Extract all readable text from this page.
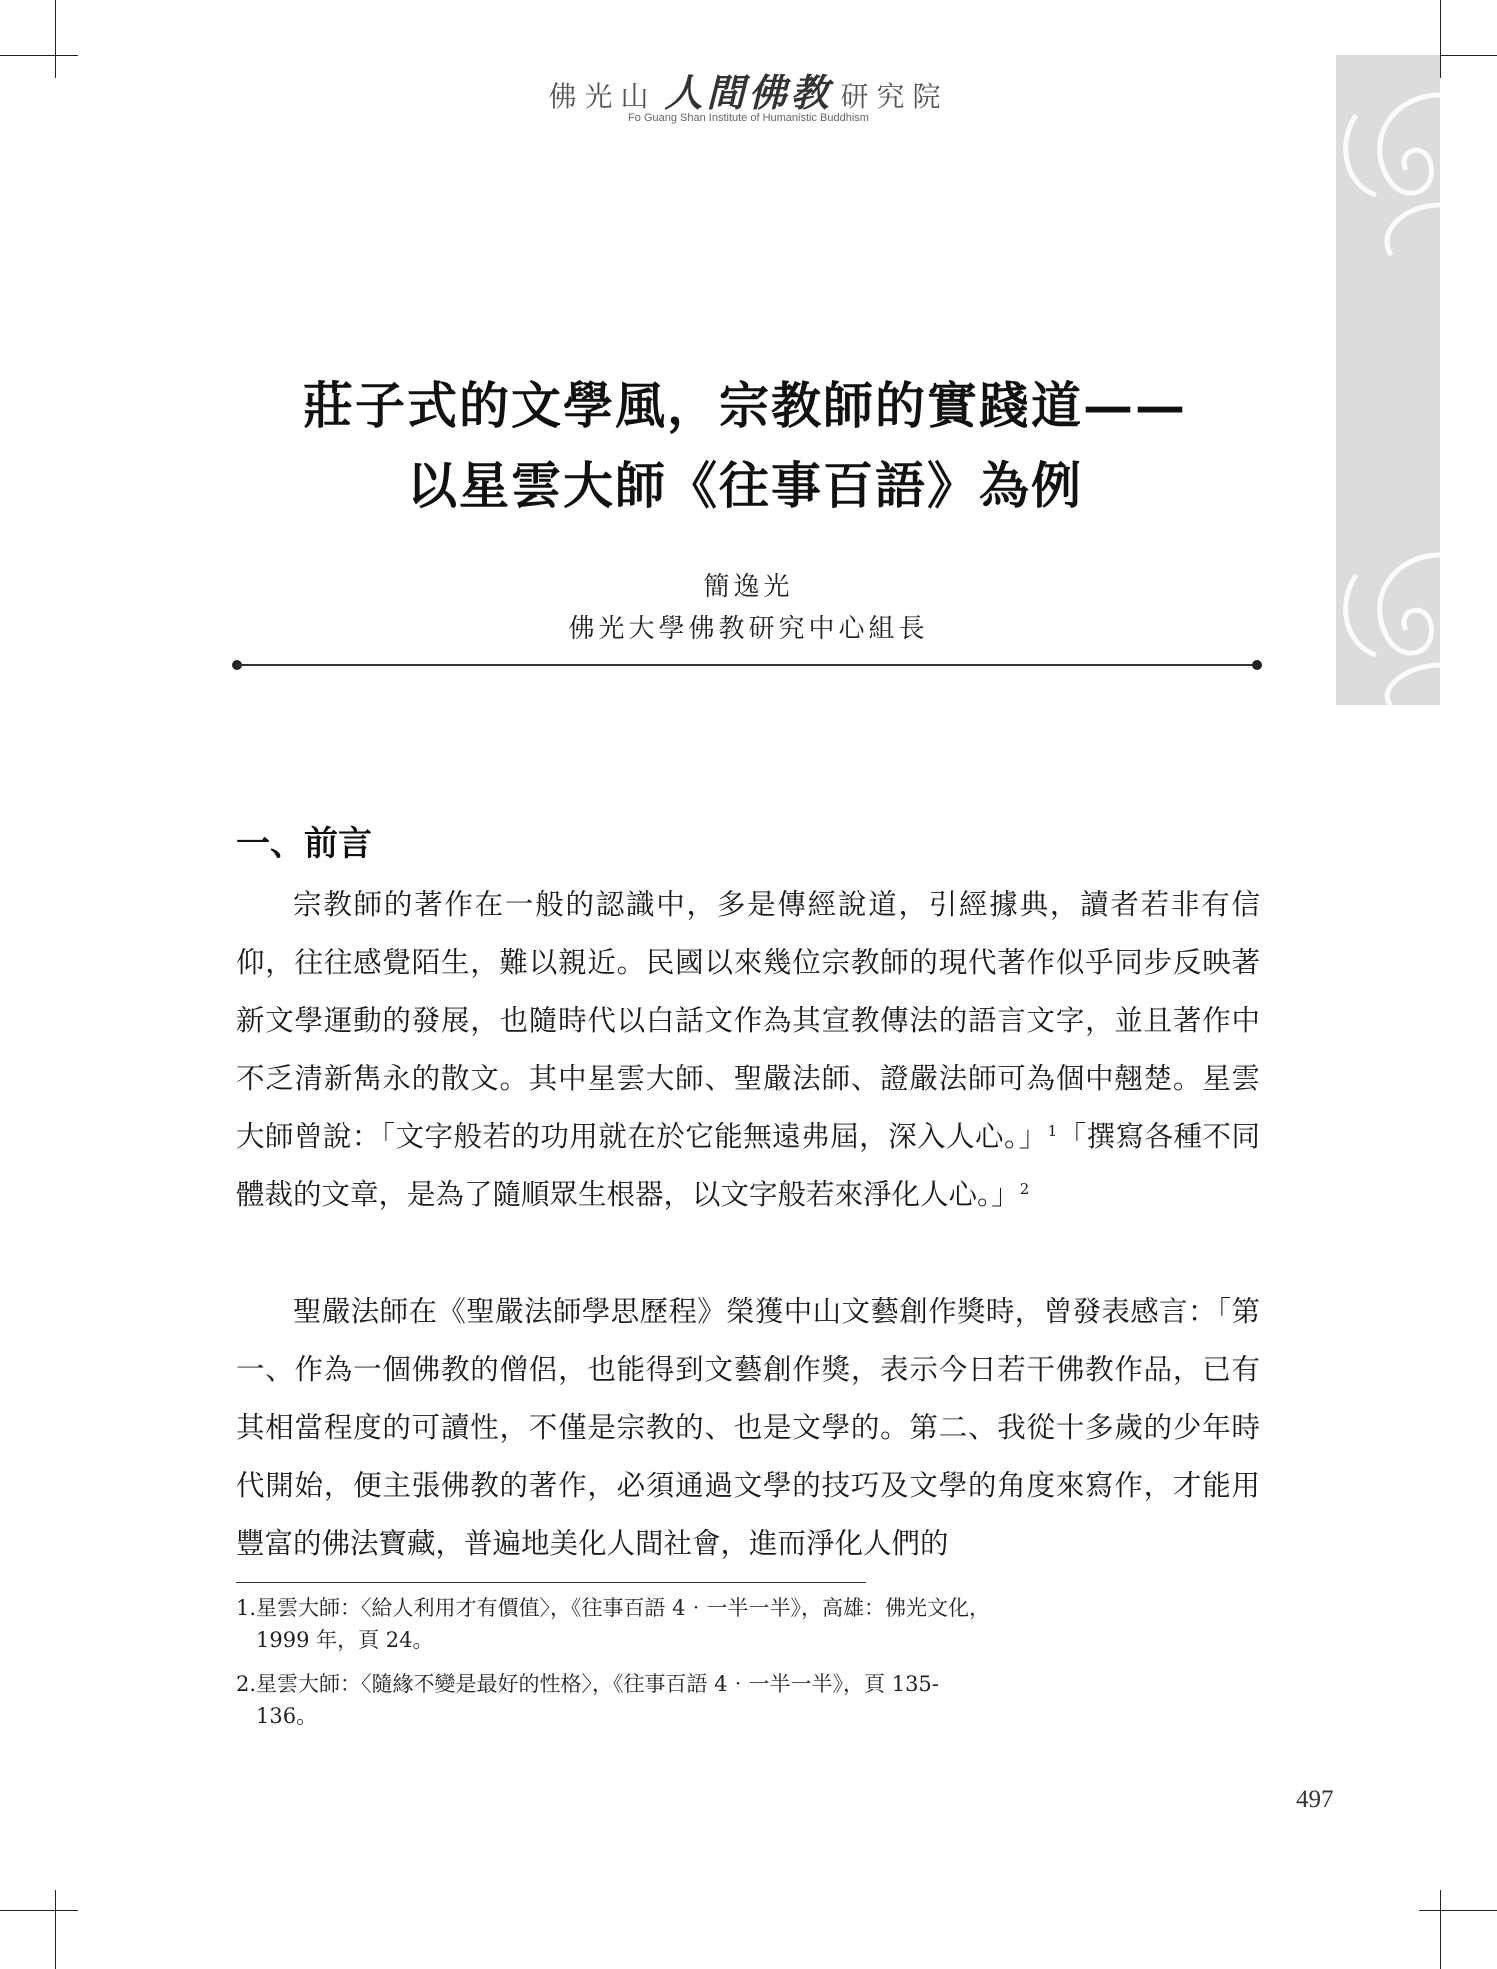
佛光山 人間佛教 研究院
Fo Guang Shan Institute of Humanistic Buddhism
莊子式的文學風，宗教師的實踐道——
以星雲大師《往事百語》為例
簡逸光
佛光大學佛教研究中心組長
一、前言

宗教師的著作在一般的認識中，多是傳經說道，引經據典，讀者若非有信仰，往往感覺陌生，難以親近。民國以來幾位宗教師的現代著作似乎同步反映著新文學運動的發展，也隨時代以白話文作為其宣教傳法的語言文字，並且著作中不乏清新雋永的散文。其中星雲大師、聖嚴法師、證嚴法師可為個中翹楚。星雲大師曾說：「文字般若的功用就在於它能無遠弗屆，深入人心。」$^1$「撰寫各種不同體裁的文章，是為了隨順眾生根器，以文字般若來淨化人心。」$^2$

聖嚴法師在《聖嚴法師學思歷程》榮獲中山文藝創作獎時，曾發表感言：「第一、作為一個佛教的僧侶，也能得到文藝創作獎，表示今日若干佛教作品，已有其相當程度的可讀性，不僅是宗教的、也是文學的。第二、我從十多歲的少年時代開始，便主張佛教的著作，必須通過文學的技巧及文學的角度來寫作，才能用豐富的佛法寶藏，普遍地美化人間社會，進而淨化人們的

1.星雲大師：〈給人利用才有價值〉，《往事百語 4‧一半一半》，高雄：佛光文化，
1999 年，頁 24。
2.星雲大師：〈隨緣不變是最好的性格〉，《往事百語 4‧一半一半》，頁 135-
136。
497
